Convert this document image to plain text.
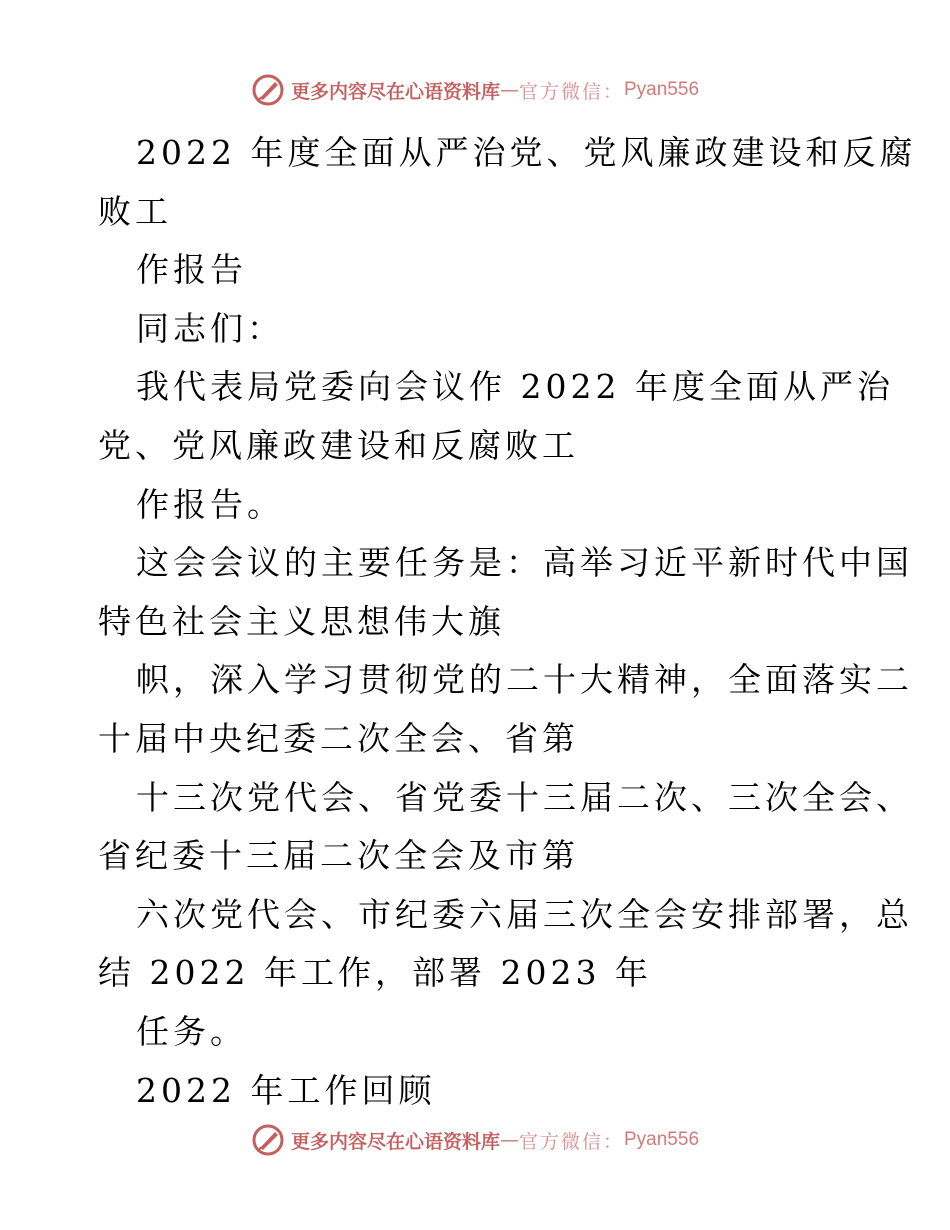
更多内容尽在心语资料库 — 官方微信： Pyan556
2022 年度全面从严治党、党风廉政建设和反腐
败工
作报告
同志们：
我代表局党委向会议作 2022 年度全面从严治
党、党风廉政建设和反腐败工
作报告。
这会会议的主要任务是：高举习近平新时代中国
特色社会主义思想伟大旗
帜，深入学习贯彻党的二十大精神，全面落实二
十届中央纪委二次全会、省第
十三次党代会、省党委十三届二次、三次全会、
省纪委十三届二次全会及市第
六次党代会、市纪委六届三次全会安排部署，总
结 2022 年工作，部署 2023 年
任务。
2022 年工作回顾
更多内容尽在心语资料库 — 官方微信： Pyan556
